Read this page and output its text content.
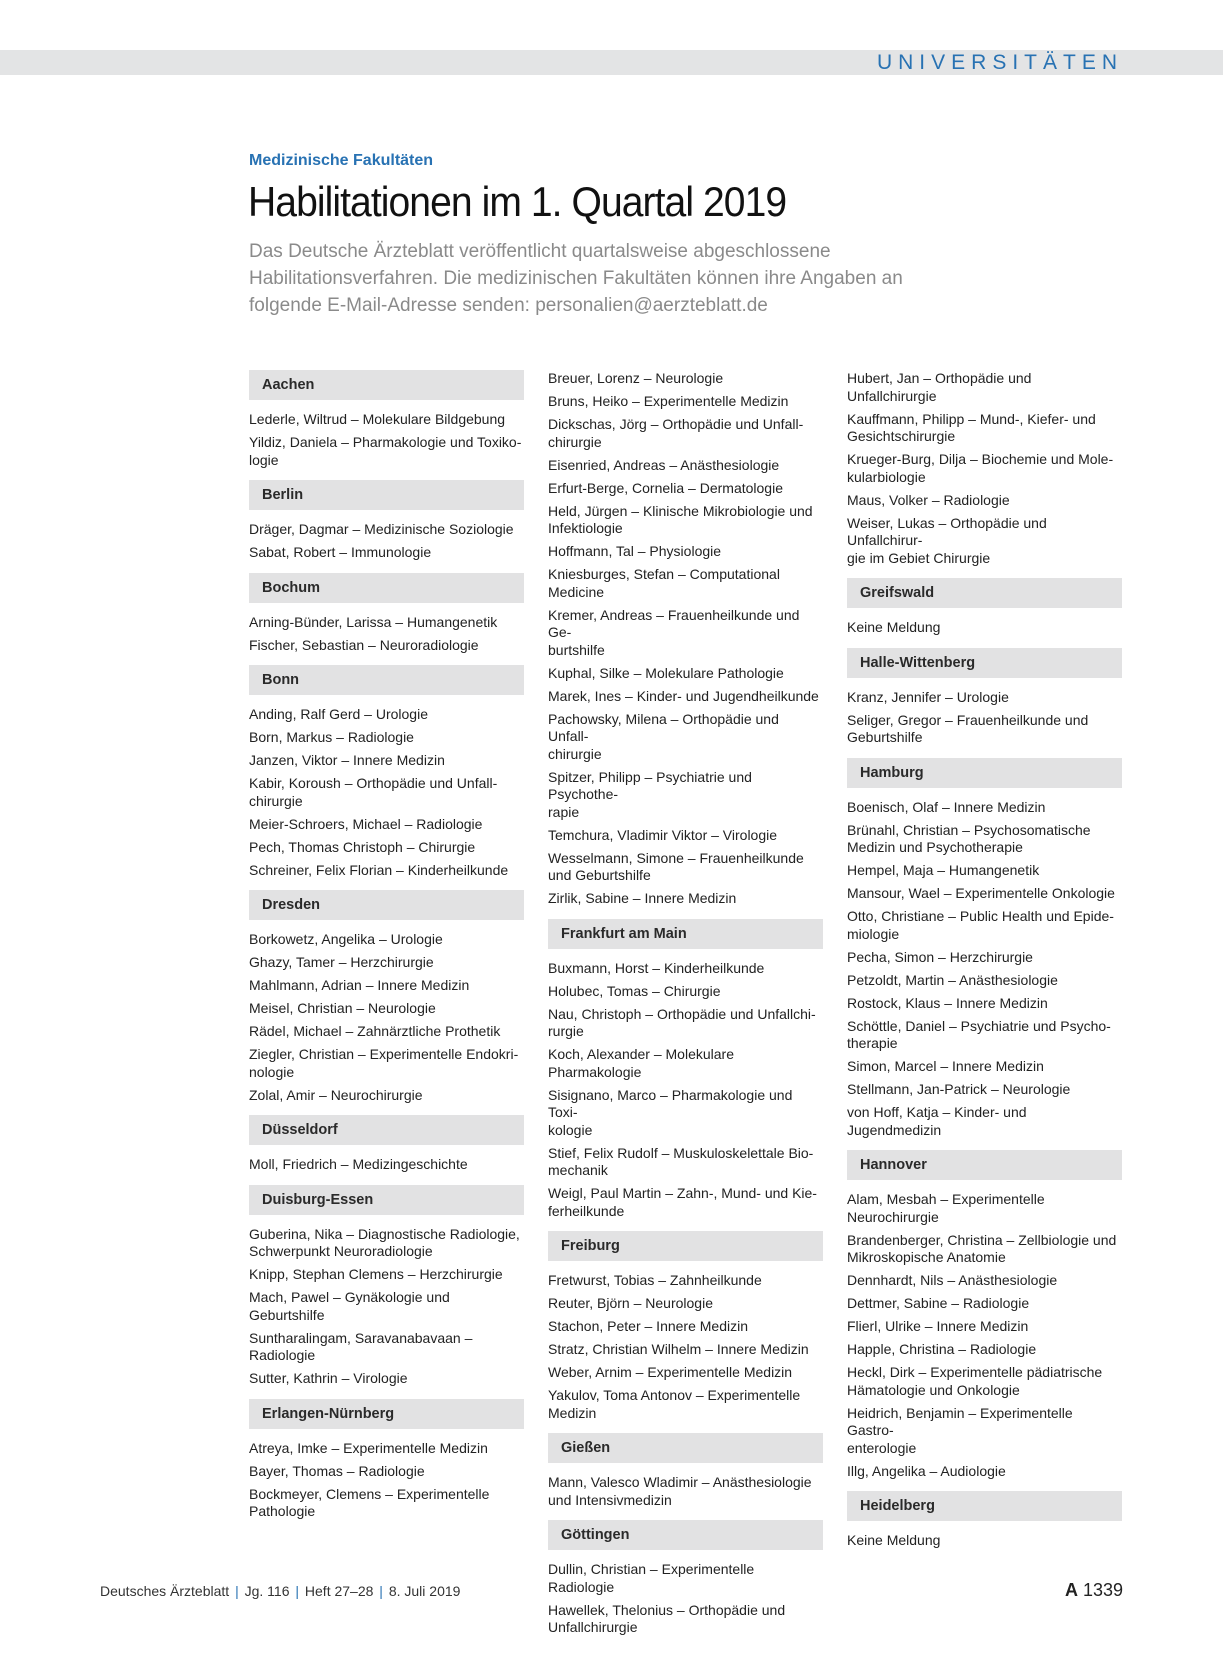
UNIVERSITÄTEN
Medizinische Fakultäten
Habilitationen im 1. Quartal 2019
Das Deutsche Ärzteblatt veröffentlicht quartalsweise abgeschlossene
Habilitationsverfahren. Die medizinischen Fakultäten können ihre Angaben an
folgende E-Mail-Adresse senden: personalien@aerzteblatt.de
Aachen
Lederle, Wiltrud – Molekulare Bildgebung
Yildiz, Daniela – Pharmakologie und Toxiko-
logie
Berlin
Dräger, Dagmar – Medizinische Soziologie
Sabat, Robert – Immunologie
Bochum
Arning-Bünder, Larissa – Humangenetik
Fischer, Sebastian – Neuroradiologie
Bonn
Anding, Ralf Gerd – Urologie
Born, Markus – Radiologie
Janzen, Viktor – Innere Medizin
Kabir, Koroush – Orthopädie und Unfall-
chirurgie
Meier-Schroers, Michael – Radiologie
Pech, Thomas Christoph – Chirurgie
Schreiner, Felix Florian – Kinderheilkunde
Dresden
Borkowetz, Angelika – Urologie
Ghazy, Tamer – Herzchirurgie
Mahlmann, Adrian – Innere Medizin
Meisel, Christian – Neurologie
Rädel, Michael – Zahnärztliche Prothetik
Ziegler, Christian – Experimentelle Endokri-
nologie
Zolal, Amir – Neurochirurgie
Düsseldorf
Moll, Friedrich – Medizingeschichte
Duisburg-Essen
Guberina, Nika – Diagnostische Radiologie,
Schwerpunkt Neuroradiologie
Knipp, Stephan Clemens – Herzchirurgie
Mach, Pawel – Gynäkologie und Geburtshilfe
Suntharalingam, Saravanabavaan – Radiologie
Sutter, Kathrin – Virologie
Erlangen-Nürnberg
Atreya, Imke – Experimentelle Medizin
Bayer, Thomas – Radiologie
Bockmeyer, Clemens – Experimentelle
Pathologie
Breuer, Lorenz – Neurologie
Bruns, Heiko – Experimentelle Medizin
Dickschas, Jörg – Orthopädie und Unfall-
chirurgie
Eisenried, Andreas – Anästhesiologie
Erfurt-Berge, Cornelia – Dermatologie
Held, Jürgen – Klinische Mikrobiologie und
Infektiologie
Hoffmann, Tal – Physiologie
Kniesburges, Stefan – Computational Medicine
Kremer, Andreas – Frauenheilkunde und Ge-
burtshilfe
Kuphal, Silke – Molekulare Pathologie
Marek, Ines – Kinder- und Jugendheilkunde
Pachowsky, Milena – Orthopädie und Unfall-
chirurgie
Spitzer, Philipp – Psychiatrie und Psychothe-
rapie
Temchura, Vladimir Viktor – Virologie
Wesselmann, Simone – Frauenheilkunde
und Geburtshilfe
Zirlik, Sabine – Innere Medizin
Frankfurt am Main
Buxmann, Horst – Kinderheilkunde
Holubec, Tomas – Chirurgie
Nau, Christoph – Orthopädie und Unfallchi-
rurgie
Koch, Alexander – Molekulare Pharmakologie
Sisignano, Marco – Pharmakologie und Toxi-
kologie
Stief, Felix Rudolf – Muskuloskelettale Bio-
mechanik
Weigl, Paul Martin – Zahn-, Mund- und Kie-
ferheilkunde
Freiburg
Fretwurst, Tobias – Zahnheilkunde
Reuter, Björn – Neurologie
Stachon, Peter – Innere Medizin
Stratz, Christian Wilhelm – Innere Medizin
Weber, Arnim – Experimentelle Medizin
Yakulov, Toma Antonov – Experimentelle
Medizin
Gießen
Mann, Valesco Wladimir – Anästhesiologie
und Intensivmedizin
Göttingen
Dullin, Christian – Experimentelle Radiologie
Hawellek, Thelonius – Orthopädie und
Unfallchirurgie
Hubert, Jan – Orthopädie und Unfallchirurgie
Kauffmann, Philipp – Mund-, Kiefer- und
Gesichtschirurgie
Krueger-Burg, Dilja – Biochemie und Mole-
kularbiologie
Maus, Volker – Radiologie
Weiser, Lukas – Orthopädie und Unfallchirur-
gie im Gebiet Chirurgie
Greifswald
Keine Meldung
Halle-Wittenberg
Kranz, Jennifer – Urologie
Seliger, Gregor – Frauenheilkunde und
Geburtshilfe
Hamburg
Boenisch, Olaf – Innere Medizin
Brünahl, Christian – Psychosomatische
Medizin und Psychotherapie
Hempel, Maja – Humangenetik
Mansour, Wael – Experimentelle Onkologie
Otto, Christiane – Public Health und Epide-
miologie
Pecha, Simon – Herzchirurgie
Petzoldt, Martin – Anästhesiologie
Rostock, Klaus – Innere Medizin
Schöttle, Daniel – Psychiatrie und Psycho-
therapie
Simon, Marcel – Innere Medizin
Stellmann, Jan-Patrick – Neurologie
von Hoff, Katja – Kinder- und Jugendmedizin
Hannover
Alam, Mesbah – Experimentelle Neurochirurgie
Brandenberger, Christina – Zellbiologie und
Mikroskopische Anatomie
Dennhardt, Nils – Anästhesiologie
Dettmer, Sabine – Radiologie
Flierl, Ulrike – Innere Medizin
Happle, Christina – Radiologie
Heckl, Dirk – Experimentelle pädiatrische
Hämatologie und Onkologie
Heidrich, Benjamin – Experimentelle Gastro-
enterologie
Illg, Angelika – Audiologie
Heidelberg
Keine Meldung
Deutsches Ärzteblatt | Jg. 116 | Heft 27–28 | 8. Juli 2019	A 1339
